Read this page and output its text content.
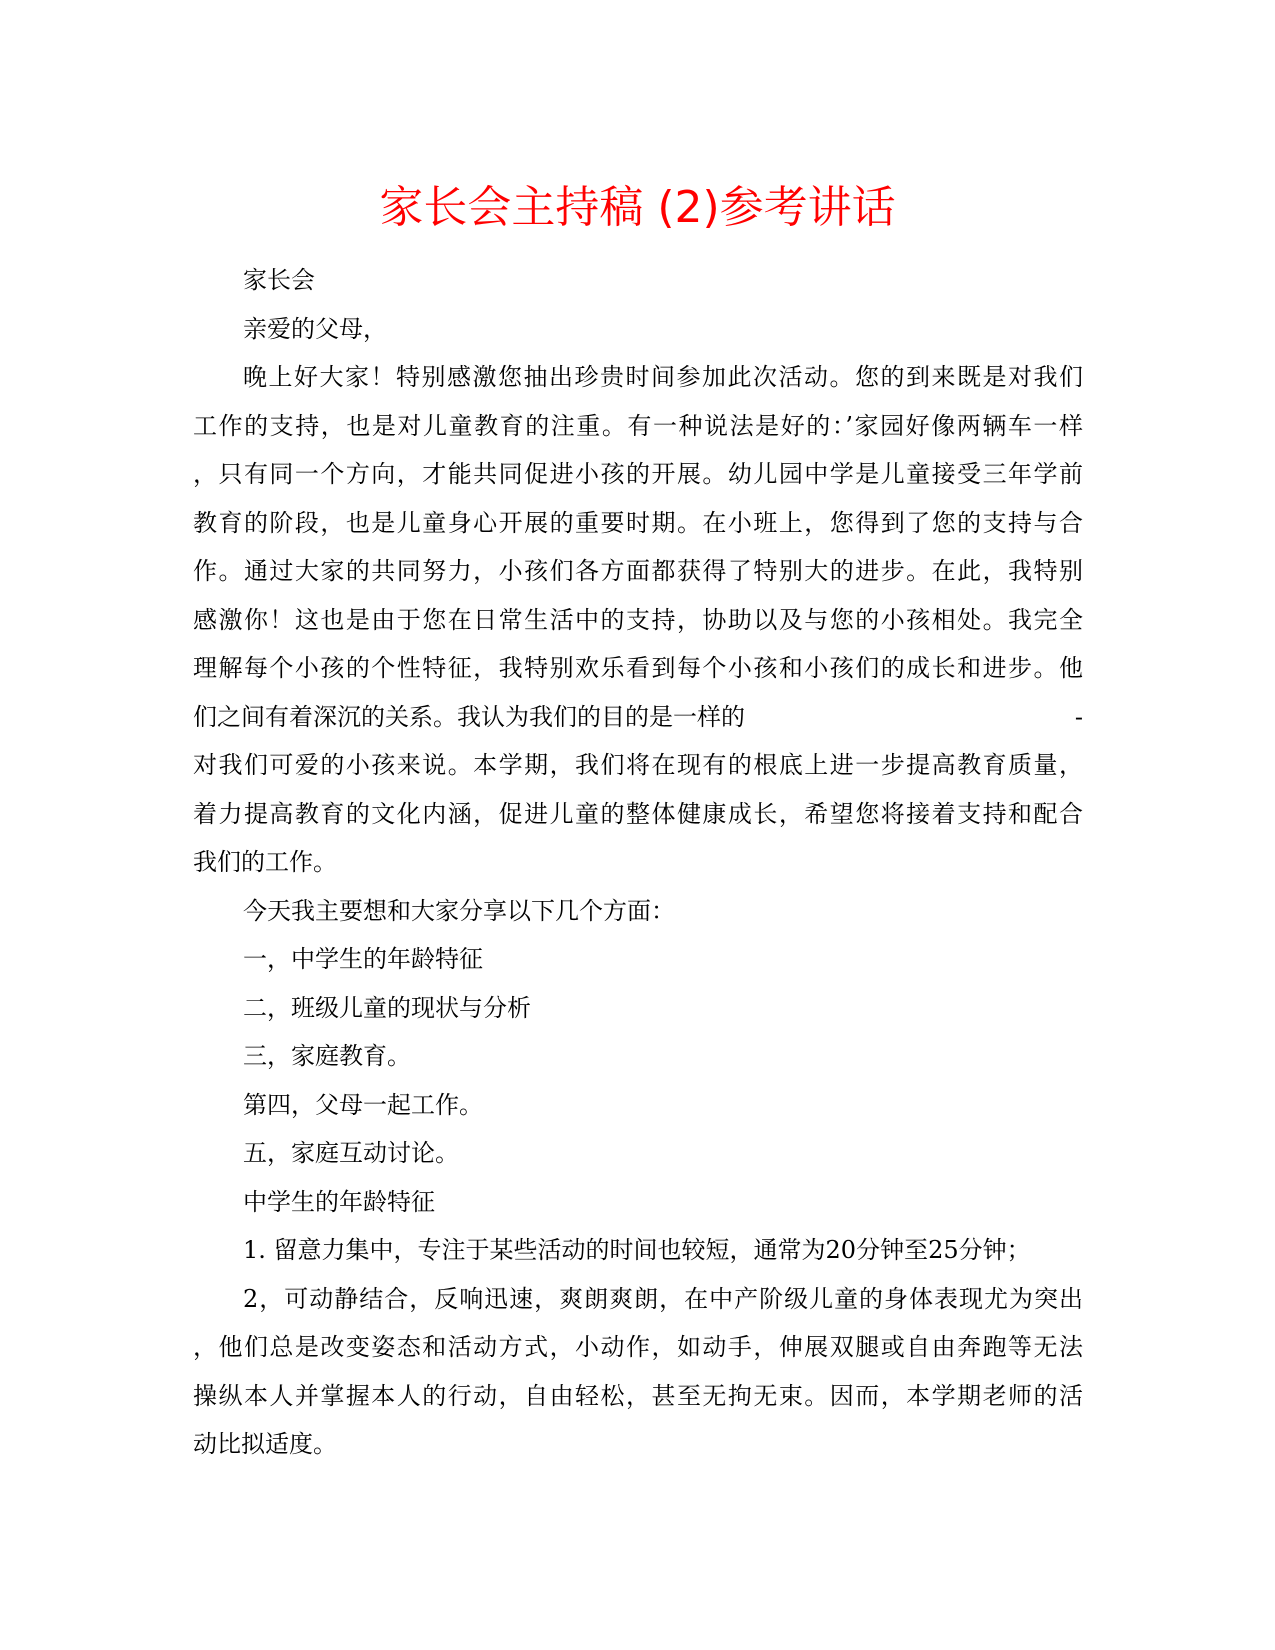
家长会主持稿 (2)参考讲话
家长会
亲爱的父母，
晚上好大家！特别感激您抽出珍贵时间参加此次活动。您的到来既是对我们
工作的支持，也是对儿童教育的注重。有一种说法是好的：’家园好像两辆车一样
，只有同一个方向，才能共同促进小孩的开展。幼儿园中学是儿童接受三年学前
教育的阶段，也是儿童身心开展的重要时期。在小班上，您得到了您的支持与合
作。通过大家的共同努力，小孩们各方面都获得了特别大的进步。在此，我特别
感激你！这也是由于您在日常生活中的支持，协助以及与您的小孩相处。我完全
理解每个小孩的个性特征，我特别欢乐看到每个小孩和小孩们的成长和进步。他
们之间有着深沉的关系。我认为我们的目的是一样的	-
对我们可爱的小孩来说。本学期，我们将在现有的根底上进一步提高教育质量，
着力提高教育的文化内涵，促进儿童的整体健康成长，希望您将接着支持和配合
我们的工作。
今天我主要想和大家分享以下几个方面：
一，中学生的年龄特征
二，班级儿童的现状与分析
三，家庭教育。
第四，父母一起工作。
五，家庭互动讨论。
中学生的年龄特征
1. 留意力集中，专注于某些活动的时间也较短，通常为20分钟至25分钟；
2，可动静结合，反响迅速，爽朗爽朗，在中产阶级儿童的身体表现尤为突出
，他们总是改变姿态和活动方式，小动作，如动手，伸展双腿或自由奔跑等无法
操纵本人并掌握本人的行动，自由轻松，甚至无拘无束。因而，本学期老师的活
动比拟适度。
